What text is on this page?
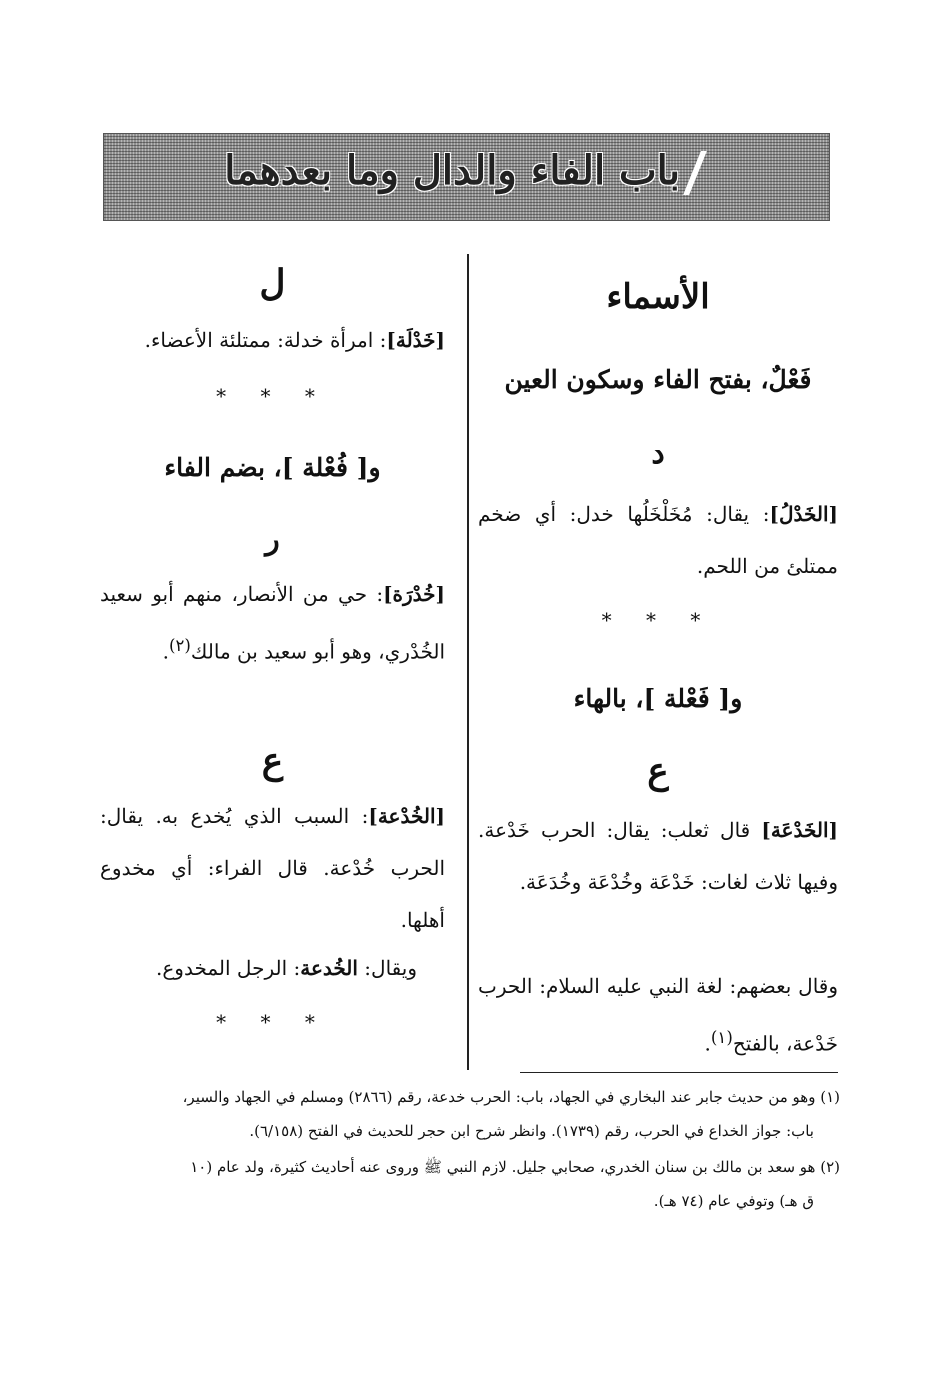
باب الفاء والدال وما بعدهما
الأسماء
فَعْلٌ، بفتح الفاء وسكون العين
د
[الخَدْلُ]: يقال: مُخَلْخَلُها خدل: أي ضخم ممتلئ من اللحم.
* * *
و[ فَعْلة ]، بالهاء
ع
[الخَدْعَة] قال ثعلب: يقال: الحرب خَدْعة. وفيها ثلاث لغات: خَدْعَة وخُدْعَة وخُدَعَة.
وقال بعضهم: لغة النبي عليه السلام: الحرب خَدْعة، بالفتح$^{(١)}$.
ل
[خَدْلَة]: امرأة خدلة: ممتلئة الأعضاء.
* * *
و[ فُعْلة ]، بضم الفاء
ر
[خُدْرَة]: حي من الأنصار، منهم أبو سعيد الخُدْري، وهو أبو سعيد بن مالك$^{(٢)}$.
ع
[الخُدْعة]: السبب الذي يُخدع به. يقال: الحرب خُدْعة. قال الفراء: أي مخدوع أهلها.
ويقال: الخُدعة: الرجل المخدوع.
* * *
(١) وهو من حديث جابر عند البخاري في الجهاد، باب: الحرب خدعة، رقم (٢٨٦٦) ومسلم في الجهاد والسير،
باب: جواز الخداع في الحرب، رقم (١٧٣٩). وانظر شرح ابن حجر للحديث في الفتح (٦/١٥٨).
(٢) هو سعد بن مالك بن سنان الخدري، صحابي جليل. لازم النبي ﷺ وروى عنه أحاديث كثيرة، ولد عام (١٠
ق هـ) وتوفي عام (٧٤ هـ).
